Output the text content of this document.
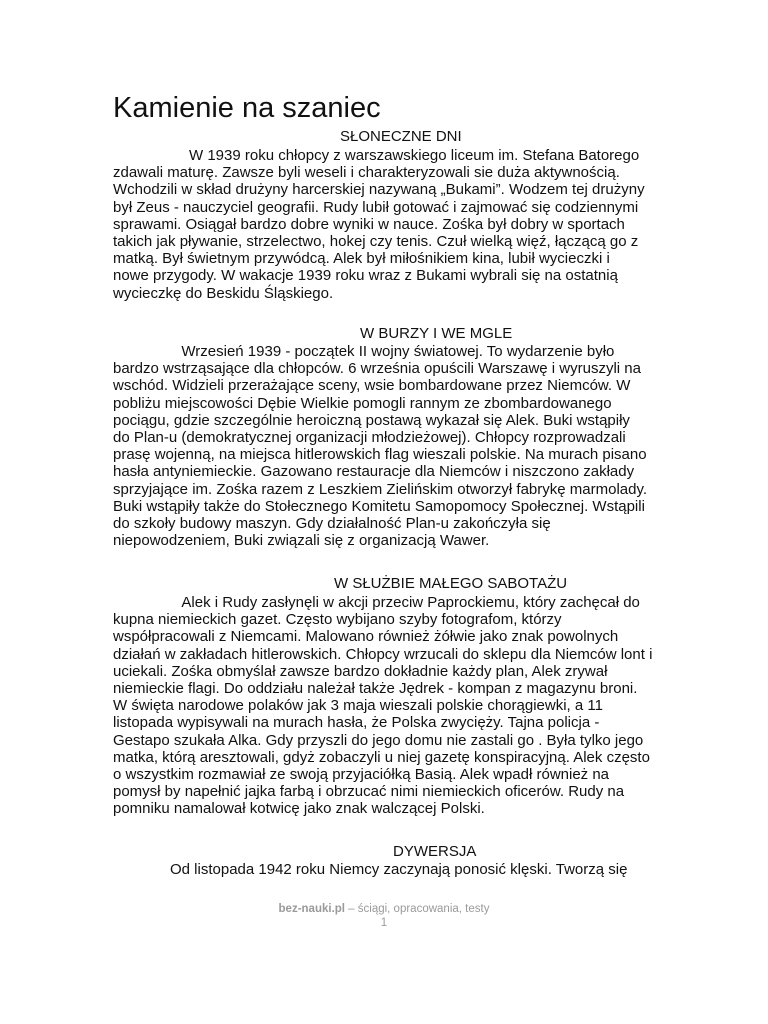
Kamienie na szaniec
SŁONECZNE DNI
W 1939 roku chłopcy z warszawskiego liceum im. Stefana Batorego
zdawali maturę. Zawsze byli weseli i charakteryzowali sie duża aktywnością.
Wchodzili w skład drużyny harcerskiej nazywaną „Bukami”. Wodzem tej drużyny
był Zeus - nauczyciel geografii. Rudy lubił gotować i zajmować się codziennymi
sprawami. Osiągał bardzo dobre wyniki w nauce. Zośka był dobry w sportach
takich jak pływanie, strzelectwo, hokej czy tenis. Czuł wielką więź, łączącą go z
matką. Był świetnym przywódcą. Alek był miłośnikiem kina, lubił wycieczki i
nowe przygody. W wakacje 1939 roku wraz z Bukami wybrali się na ostatnią
wycieczkę do Beskidu Śląskiego.
W BURZY I WE MGLE
Wrzesień 1939 - początek II wojny światowej. To wydarzenie było
bardzo wstrząsające dla chłopców. 6 września opuścili Warszawę i wyruszyli na
wschód. Widzieli przerażające sceny, wsie bombardowane przez Niemców. W
pobliżu miejscowości Dębie Wielkie pomogli rannym ze zbombardowanego
pociągu, gdzie szczególnie heroiczną postawą wykazał się Alek. Buki wstąpiły
do Plan-u (demokratycznej organizacji młodzieżowej). Chłopcy rozprowadzali
prasę wojenną, na miejsca hitlerowskich flag wieszali polskie. Na murach pisano
hasła antyniemieckie. Gazowano restauracje dla Niemców i niszczono zakłady
sprzyjające im. Zośka razem z Leszkiem Zielińskim otworzył fabrykę marmolady.
Buki wstąpiły także do Stołecznego Komitetu Samopomocy Społecznej. Wstąpili
do szkoły budowy maszyn. Gdy działalność Plan-u zakończyła się
niepowodzeniem, Buki związali się z organizacją Wawer.
W SŁUŻBIE MAŁEGO SABOTAŻU
Alek i Rudy zasłynęli w akcji przeciw Paprockiemu, który zachęcał do
kupna niemieckich gazet. Często wybijano szyby fotografom, którzy
współpracowali z Niemcami. Malowano również żółwie jako znak powolnych
działań w zakładach hitlerowskich. Chłopcy wrzucali do sklepu dla Niemców lont i
uciekali. Zośka obmyślał zawsze bardzo dokładnie każdy plan, Alek zrywał
niemieckie flagi. Do oddziału należał także Jędrek - kompan z magazynu broni.
W święta narodowe polaków jak 3 maja wieszali polskie chorągiewki, a 11
listopada wypisywali na murach hasła, że Polska zwycięży. Tajna policja -
Gestapo szukała Alka. Gdy przyszli do jego domu nie zastali go . Była tylko jego
matka, którą aresztowali, gdyż zobaczyli u niej gazetę konspiracyjną. Alek często
o wszystkim rozmawiał ze swoją przyjaciółką Basią. Alek wpadł również na
pomysł by napełnić jajka farbą i obrzucać nimi niemieckich oficerów. Rudy na
pomniku namalował kotwicę jako znak walczącej Polski.
DYWERSJA
Od listopada 1942 roku Niemcy zaczynają ponosić klęski. Tworzą się
bez-nauki.pl – ściągi, opracowania, testy
1
